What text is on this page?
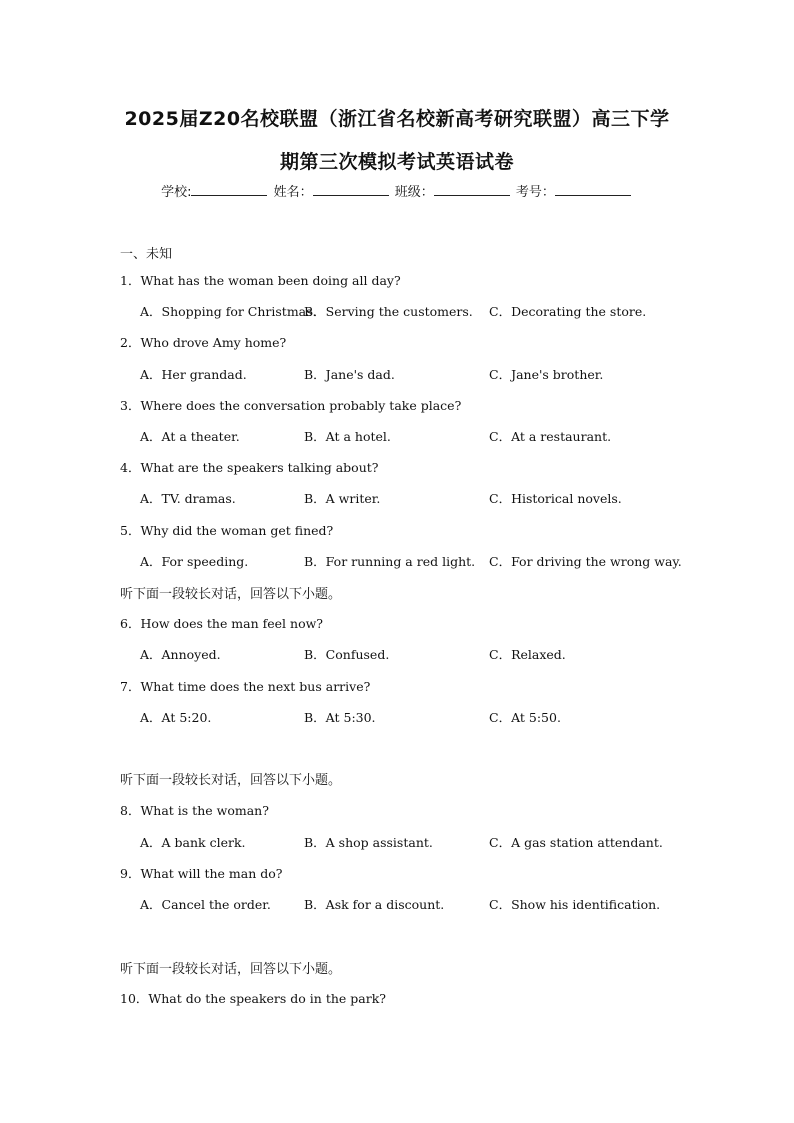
2025届Z20名校联盟（浙江省名校新高考研究联盟）高三下学
期第三次模拟考试英语试卷
学校:	姓名：	班级：	考号：
一、未知
1．What has the woman been doing all day?
A．Shopping for Christmas.
B．Serving the customers. C．Decorating the store.
2．Who drove Amy home?
A．Her grandad.	B．Jane's dad.	C．Jane's brother.
3．Where does the conversation probably take place?
A．At a theater.	B．At a hotel.	C．At a restaurant.
4．What are the speakers talking about?
A．TV. dramas.	B．A writer.	C．Historical novels.
5．Why did the woman get fined?
A．For speeding.	B．For running a red light. C．For driving the wrong way.
听下面一段较长对话，回答以下小题。
6．How does the man feel now?
A．Annoyed.	B．Confused.	C．Relaxed.
7．What time does the next bus arrive?
A．At 5:20.	B．At 5:30.	C．At 5:50.
听下面一段较长对话，回答以下小题。
8．What is the woman?
A．A bank clerk.	B．A shop assistant.	C．A gas station attendant.
9．What will the man do?
A．Cancel the order.	B．Ask for a discount.	C．Show his identification.
听下面一段较长对话，回答以下小题。
10．What do the speakers do in the park?
